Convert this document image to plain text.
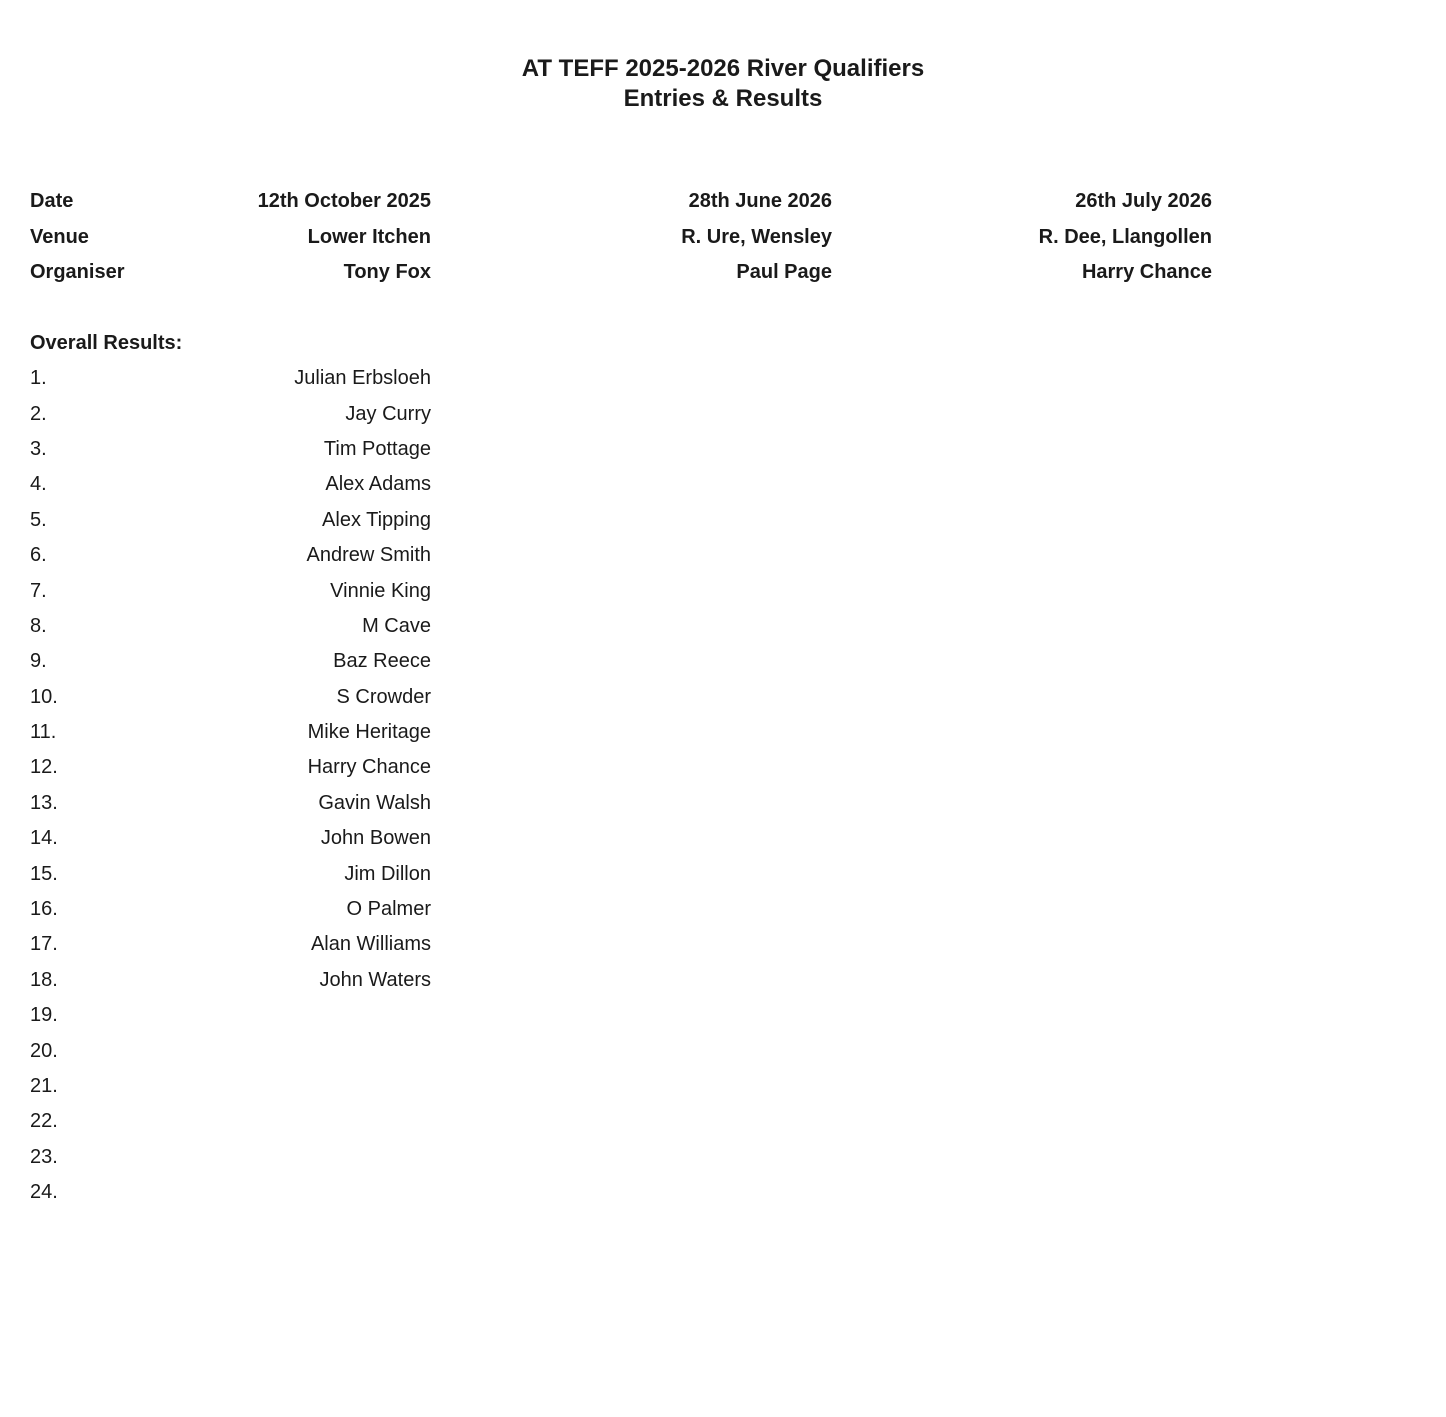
AT TEFF 2025-2026 River Qualifiers
Entries & Results
Date	12th October 2025	28th June 2026	26th July 2026
Venue	Lower Itchen	R. Ure, Wensley	R. Dee, Llangollen
Organiser	Tony Fox	Paul Page	Harry Chance
Overall Results:
1.	Julian Erbsloeh
2.	Jay Curry
3.	Tim Pottage
4.	Alex Adams
5.	Alex Tipping
6.	Andrew Smith
7.	Vinnie King
8.	M Cave
9.	Baz Reece
10.	S Crowder
11.	Mike Heritage
12.	Harry Chance
13.	Gavin Walsh
14.	John Bowen
15.	Jim Dillon
16.	O Palmer
17.	Alan Williams
18.	John Waters
19.	
20.	
21.	
22.	
23.	
24.	
